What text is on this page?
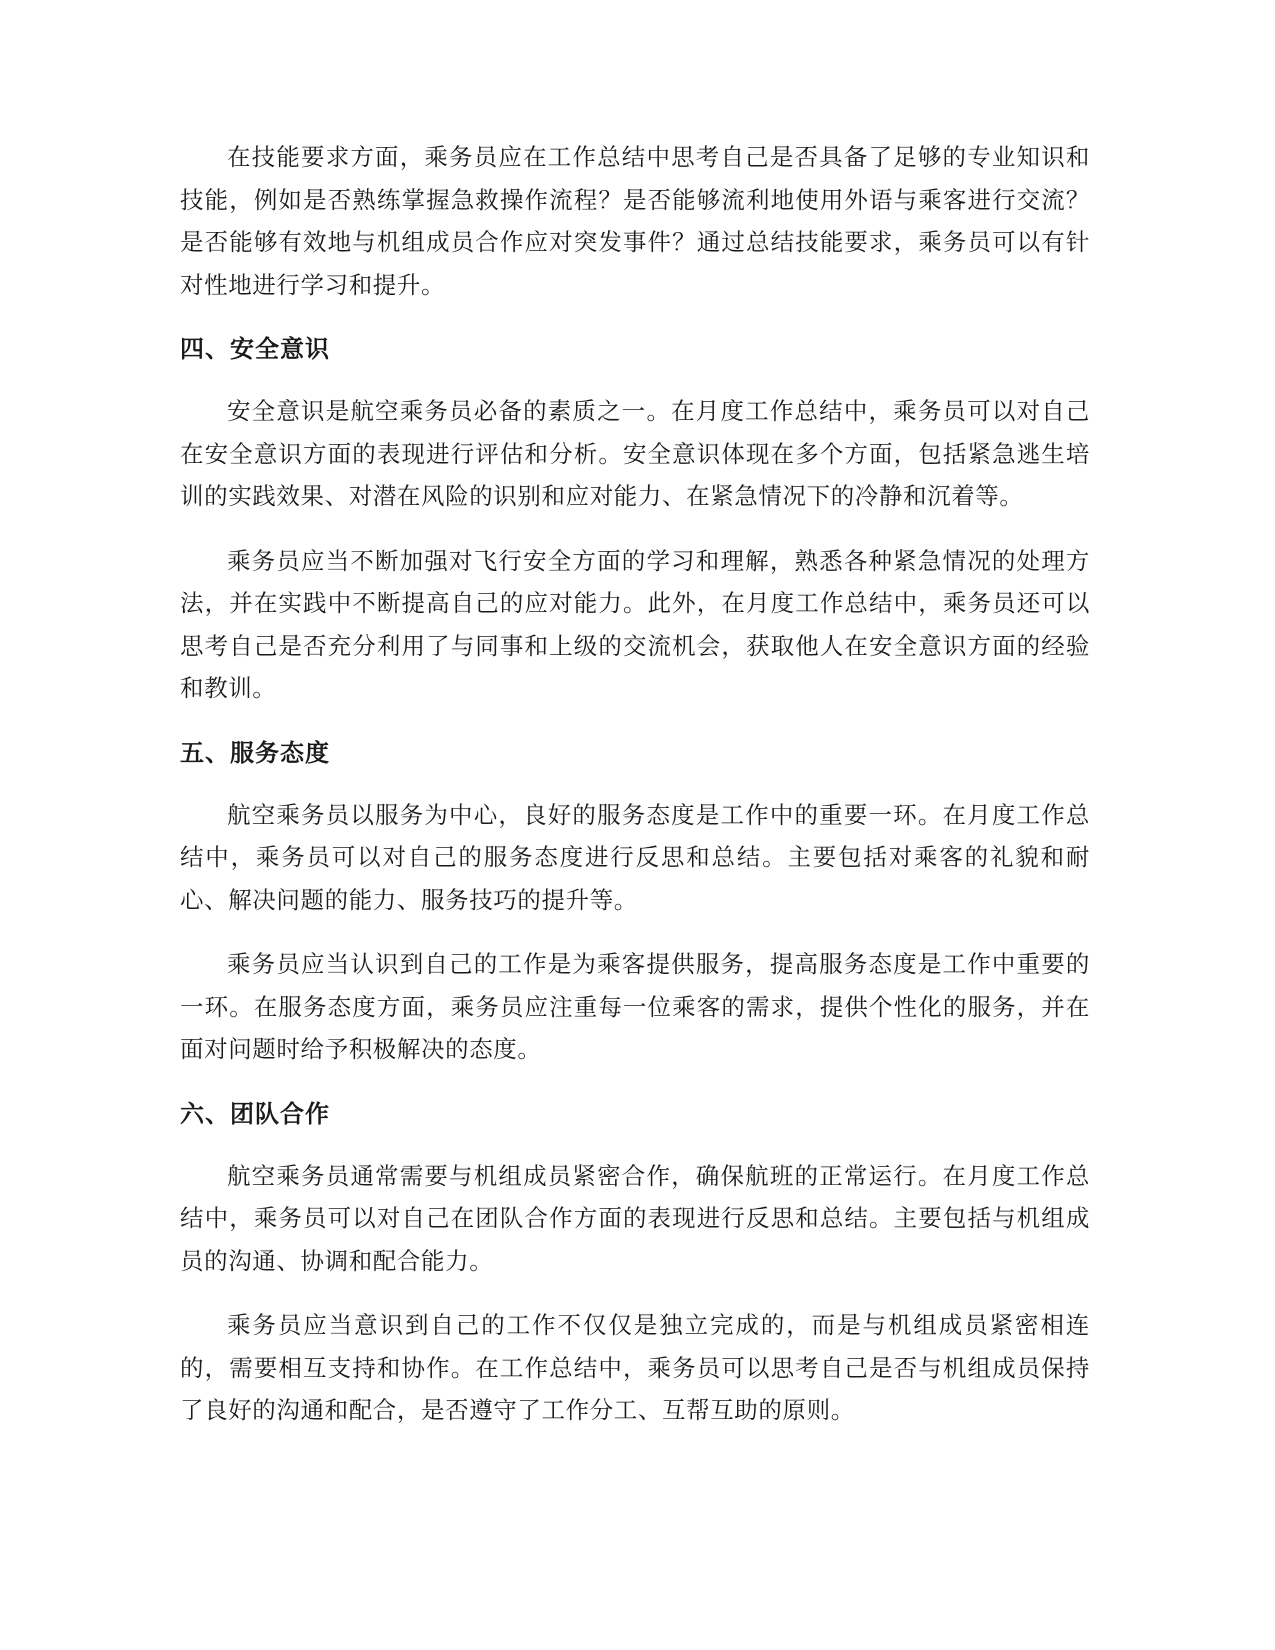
在技能要求方面，乘务员应在工作总结中思考自己是否具备了足够的专业知识和技能，例如是否熟练掌握急救操作流程？是否能够流利地使用外语与乘客进行交流？是否能够有效地与机组成员合作应对突发事件？通过总结技能要求，乘务员可以有针对性地进行学习和提升。

四、安全意识

安全意识是航空乘务员必备的素质之一。在月度工作总结中，乘务员可以对自己在安全意识方面的表现进行评估和分析。安全意识体现在多个方面，包括紧急逃生培训的实践效果、对潜在风险的识别和应对能力、在紧急情况下的冷静和沉着等。

乘务员应当不断加强对飞行安全方面的学习和理解，熟悉各种紧急情况的处理方法，并在实践中不断提高自己的应对能力。此外，在月度工作总结中，乘务员还可以思考自己是否充分利用了与同事和上级的交流机会，获取他人在安全意识方面的经验和教训。

五、服务态度

航空乘务员以服务为中心，良好的服务态度是工作中的重要一环。在月度工作总结中，乘务员可以对自己的服务态度进行反思和总结。主要包括对乘客的礼貌和耐心、解决问题的能力、服务技巧的提升等。

乘务员应当认识到自己的工作是为乘客提供服务，提高服务态度是工作中重要的一环。在服务态度方面，乘务员应注重每一位乘客的需求，提供个性化的服务，并在面对问题时给予积极解决的态度。

六、团队合作

航空乘务员通常需要与机组成员紧密合作，确保航班的正常运行。在月度工作总结中，乘务员可以对自己在团队合作方面的表现进行反思和总结。主要包括与机组成员的沟通、协调和配合能力。

乘务员应当意识到自己的工作不仅仅是独立完成的，而是与机组成员紧密相连的，需要相互支持和协作。在工作总结中，乘务员可以思考自己是否与机组成员保持了良好的沟通和配合，是否遵守了工作分工、互帮互助的原则。
